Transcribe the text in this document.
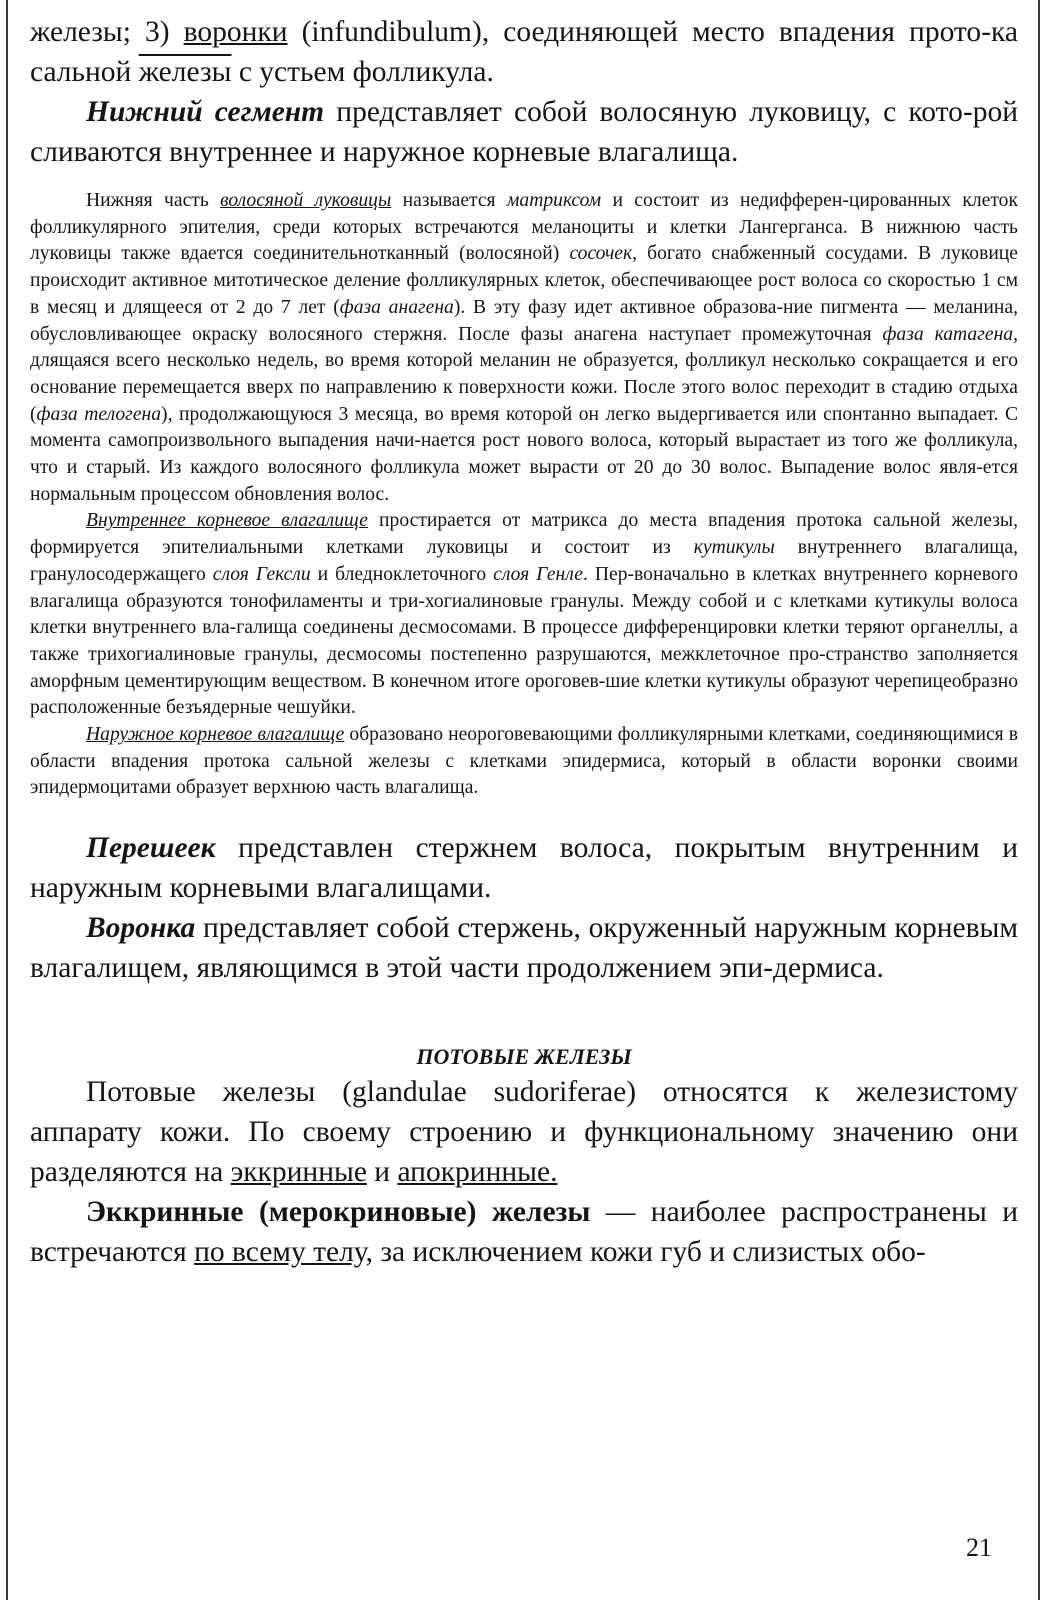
железы; 3) воронки (infundibulum), соединяющей место впадения прото-ка сальной железы с устьем фолликула.

Нижний сегмент представляет собой волосяную луковицу, с кото-рой сливаются внутреннее и наружное корневые влагалища.

Нижняя часть волосяной луковицы называется матриксом и состоит из недифферен-цированных клеток фолликулярного эпителия, среди которых встречаются меланоциты и клетки Лангерганса. В нижнюю часть луковицы также вдается соединительнотканный (волосяной) сосочек, богато снабженный сосудами. В луковице происходит активное митотическое деление фолликулярных клеток, обеспечивающее рост волоса со скоростью 1 см в месяц и длящееся от 2 до 7 лет (фаза анагена). В эту фазу идет активное образова-ние пигмента — меланина, обусловливающее окраску волосяного стержня. После фазы анагена наступает промежуточная фаза катагена, длящаяся всего несколько недель, во время которой меланин не образуется, фолликул несколько сокращается и его основание перемещается вверх по направлению к поверхности кожи. После этого волос переходит в стадию отдыха (фаза телогена), продолжающуюся 3 месяца, во время которой он легко выдергивается или спонтанно выпадает. С момента самопроизвольного выпадения начи-нается рост нового волоса, который вырастает из того же фолликула, что и старый. Из каждого волосяного фолликула может вырасти от 20 до 30 волос. Выпадение волос явля-ется нормальным процессом обновления волос.

Внутреннее корневое влагалище простирается от матрикса до места впадения протока сальной железы, формируется эпителиальными клетками луковицы и состоит из кутикулы внутреннего влагалища, гранулосодержащего слоя Гексли и бледноклеточного слоя Генле. Пер-воначально в клетках внутреннего корневого влагалища образуются тонофиламенты и три-хогиалиновые гранулы. Между собой и с клетками кутикулы волоса клетки внутреннего вла-галища соединены десмосомами. В процессе дифференцировки клетки теряют органеллы, а также трихогиалиновые гранулы, десмосомы постепенно разрушаются, межклеточное про-странство заполняется аморфным цементирующим веществом. В конечном итоге ороговев-шие клетки кутикулы образуют черепицеобразно расположенные безъядерные чешуйки.

Наружное корневое влагалище образовано неороговевающими фолликулярными клетками, соединяющимися в области впадения протока сальной железы с клетками эпидермиса, который в области воронки своими эпидермоцитами образует верхнюю часть влагалища.

Перешеек представлен стержнем волоса, покрытым внутренним и наружным корневыми влагалищами.

Воронка представляет собой стержень, окруженный наружным корневым влагалищем, являющимся в этой части продолжением эпи-дермиса.

ПОТОВЫЕ ЖЕЛЕЗЫ

Потовые железы (glandulae sudoriferae) относятся к железистому аппарату кожи. По своему строению и функциональному значению они разделяются на эккринные и апокринные.

Эккринные (мерокриновые) железы — наиболее распространены и встречаются по всему телу, за исключением кожи губ и слизистых обо-

21
